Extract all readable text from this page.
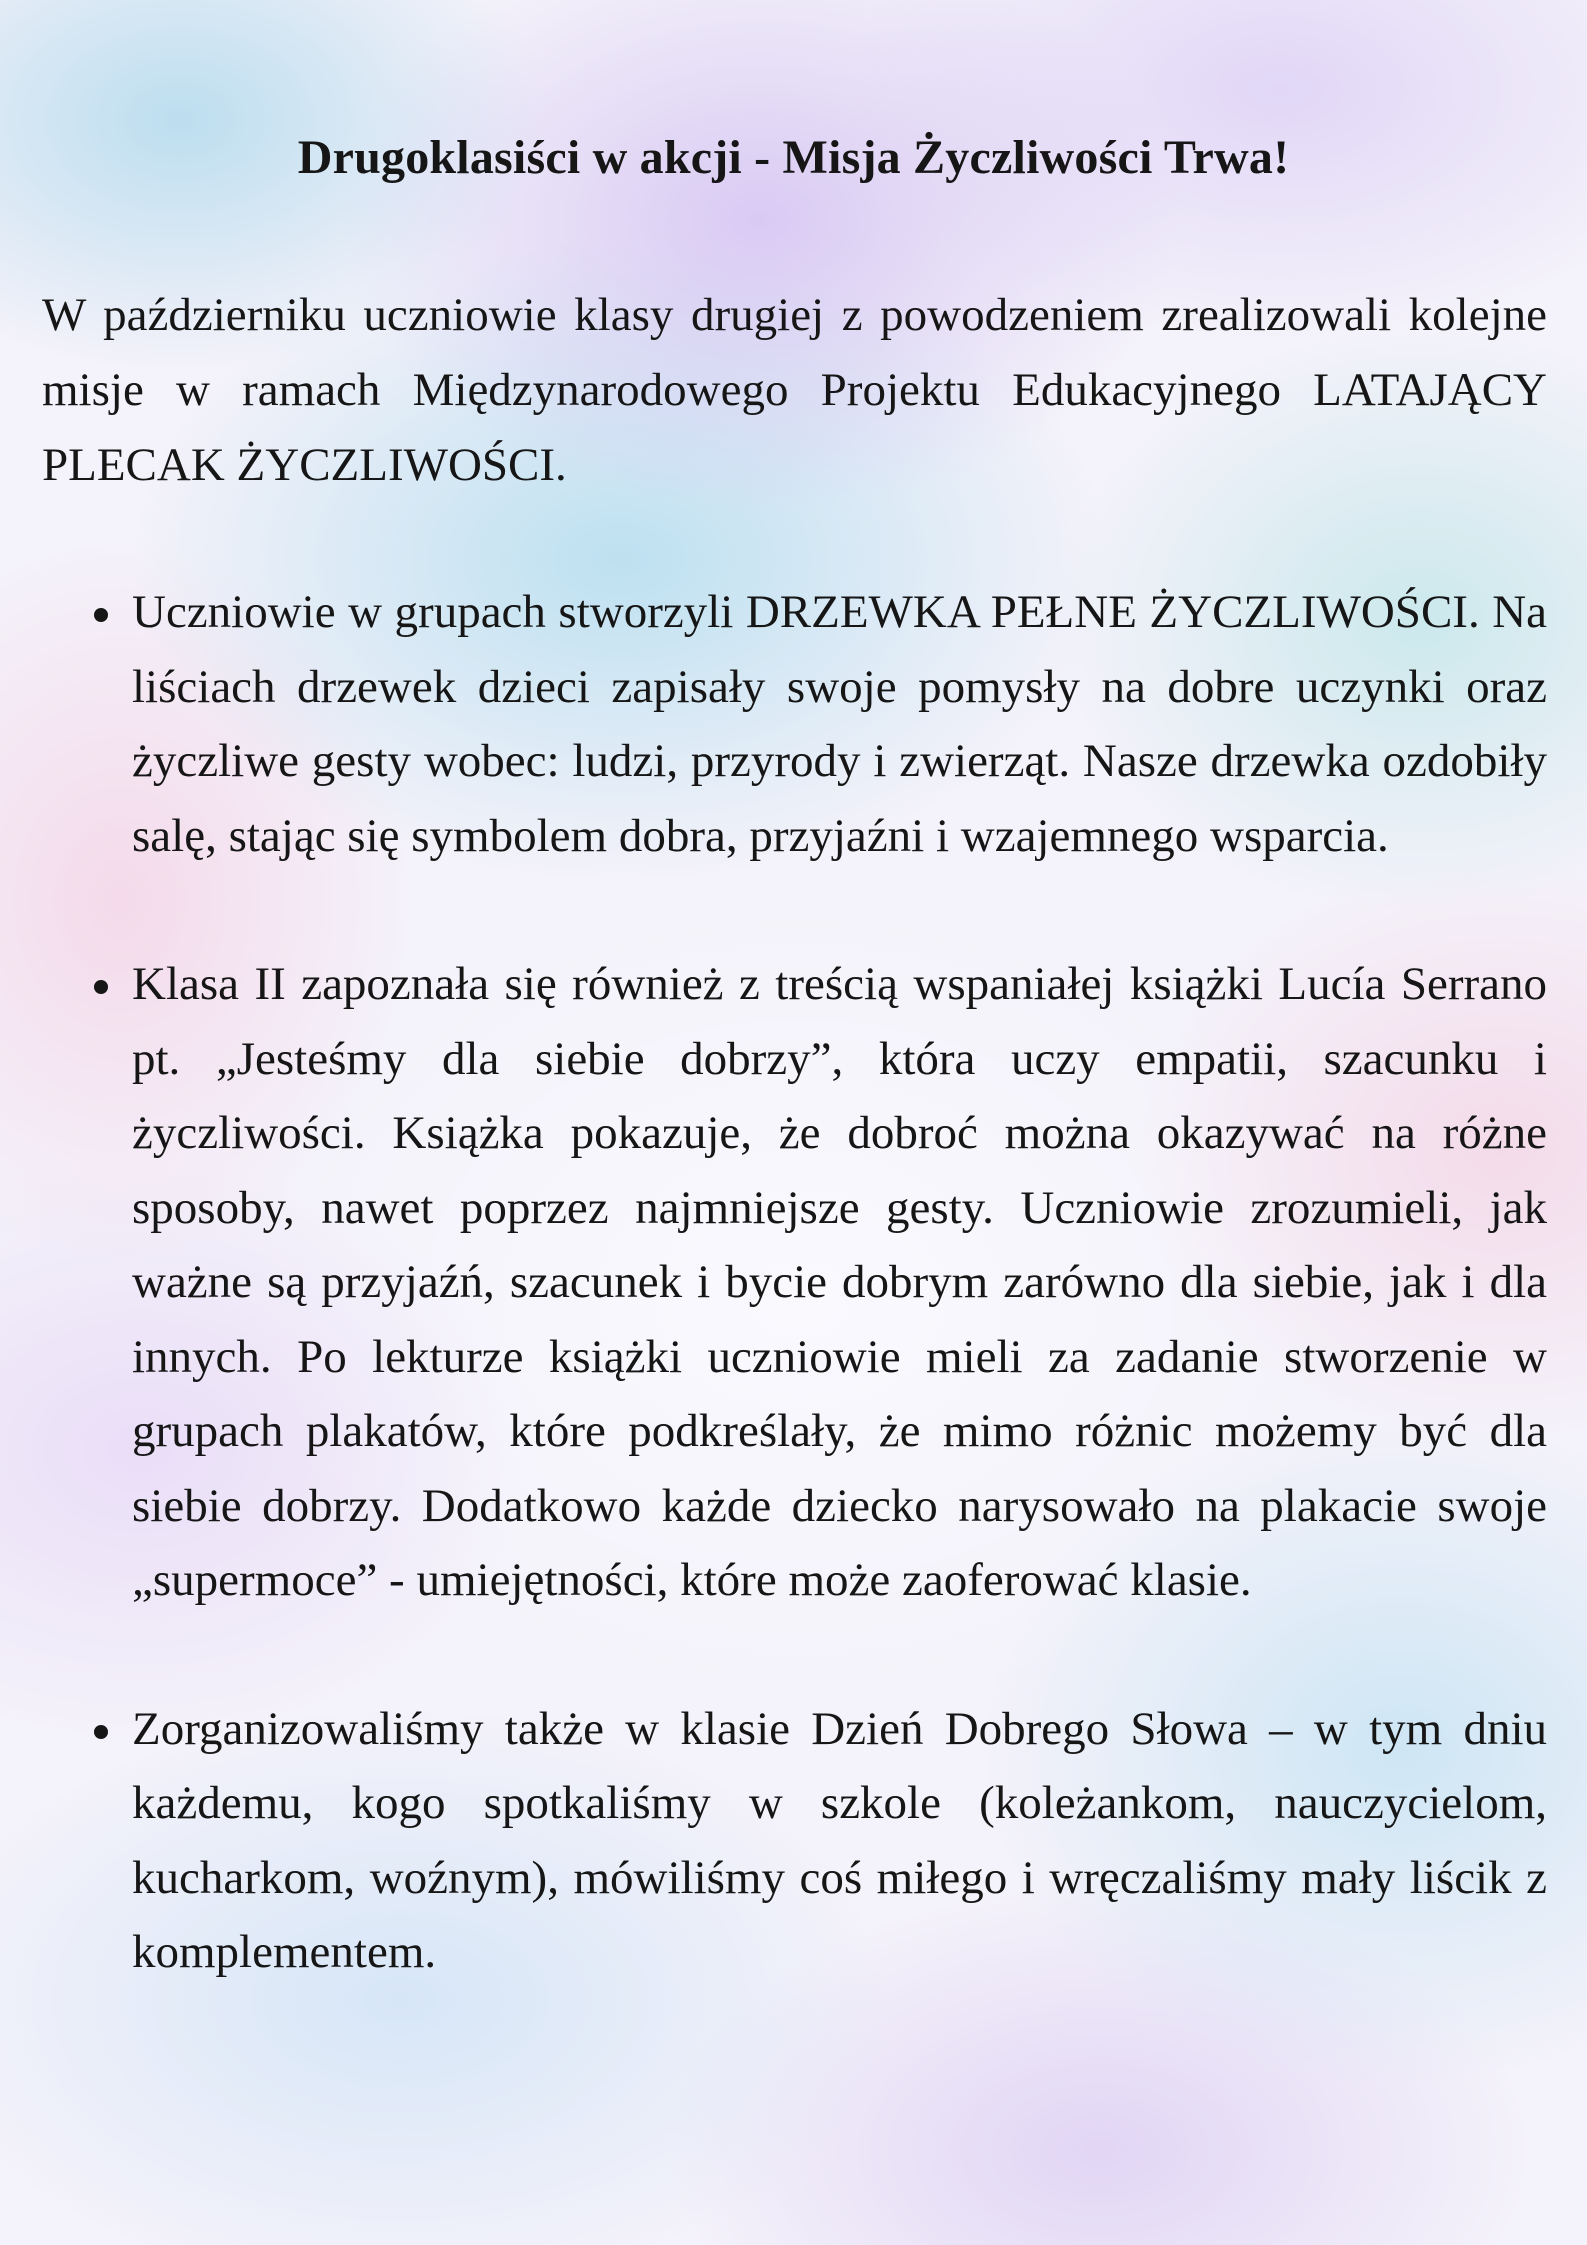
Drugoklasiści w akcji - Misja Życzliwości Trwa!

W październiku uczniowie klasy drugiej z powodzeniem zrealizowali kolejne misje w ramach Międzynarodowego Projektu Edukacyjnego LATAJĄCY PLECAK ŻYCZLIWOŚCI.

Uczniowie w grupach stworzyli DRZEWKA PEŁNE ŻYCZLIWOŚCI. Na liściach drzewek dzieci zapisały swoje pomysły na dobre uczynki oraz życzliwe gesty wobec: ludzi, przyrody i zwierząt. Nasze drzewka ozdobiły salę, stając się symbolem dobra, przyjaźni i wzajemnego wsparcia.
Klasa II zapoznała się również z treścią wspaniałej książki Lucía Serrano pt. „Jesteśmy dla siebie dobrzy”, która uczy empatii, szacunku i życzliwości. Książka pokazuje, że dobroć można okazywać na różne sposoby, nawet poprzez najmniejsze gesty. Uczniowie zrozumieli, jak ważne są przyjaźń, szacunek i bycie dobrym zarówno dla siebie, jak i dla innych. Po lekturze książki uczniowie mieli za zadanie stworzenie w grupach plakatów, które podkreślały, że mimo różnic możemy być dla siebie dobrzy. Dodatkowo każde dziecko narysowało na plakacie swoje „supermoce” - umiejętności, które może zaoferować klasie.
Zorganizowaliśmy także w klasie Dzień Dobrego Słowa – w tym dniu każdemu, kogo spotkaliśmy w szkole (koleżankom, nauczycielom, kucharkom, woźnym), mówiliśmy coś miłego i wręczaliśmy mały liścik z komplementem.
